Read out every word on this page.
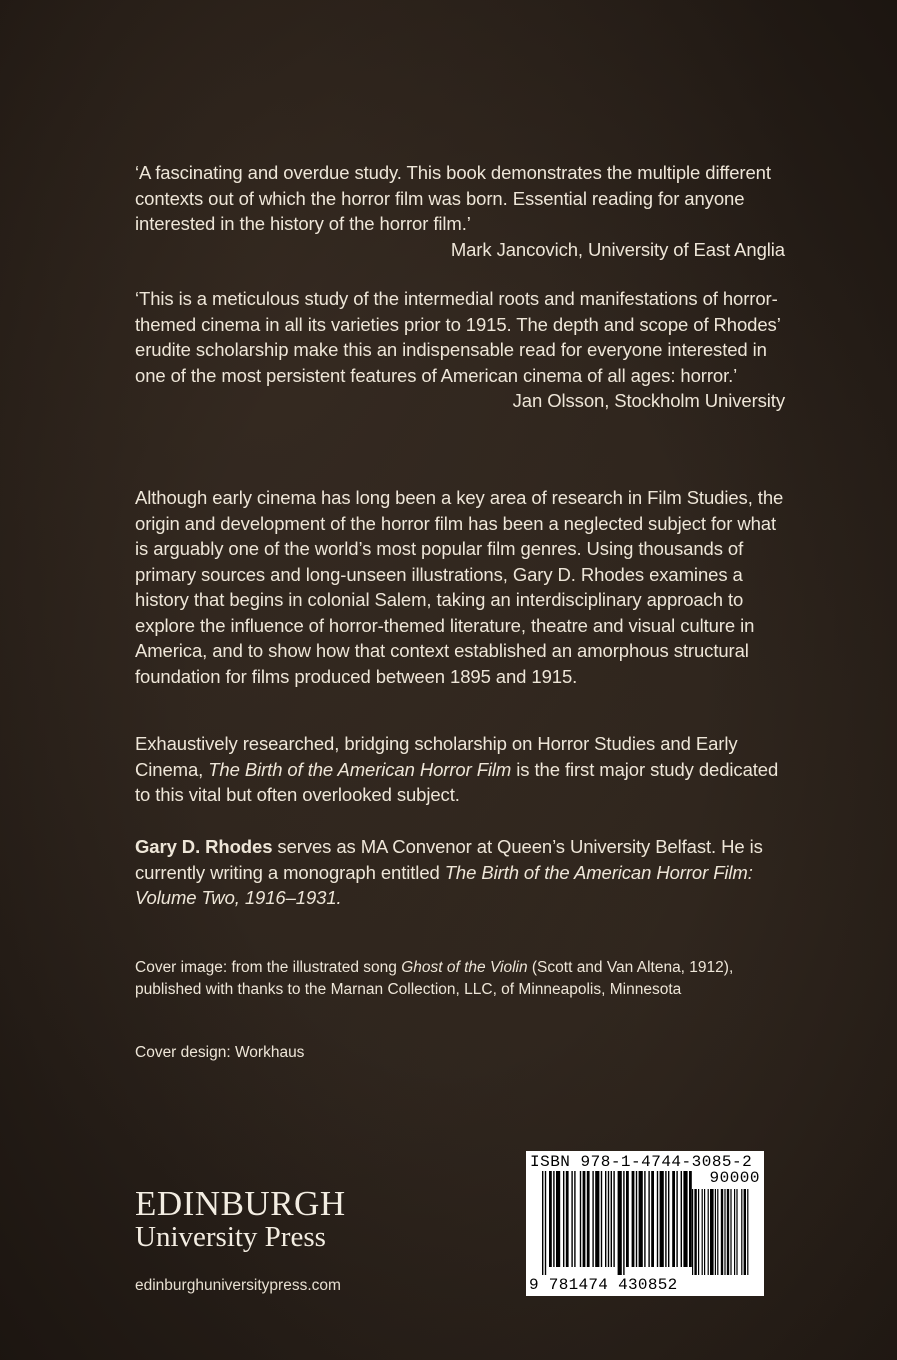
‘A fascinating and overdue study. This book demonstrates the multiple different contexts out of which the horror film was born. Essential reading for anyone interested in the history of the horror film.’

Mark Jancovich, University of East Anglia

‘This is a meticulous study of the intermedial roots and manifestations of horror-themed cinema in all its varieties prior to 1915. The depth and scope of Rhodes’ erudite scholarship make this an indispensable read for everyone interested in one of the most persistent features of American cinema of all ages: horror.’

Jan Olsson, Stockholm University

Although early cinema has long been a key area of research in Film Studies, the origin and development of the horror film has been a neglected subject for what is arguably one of the world’s most popular film genres. Using thousands of primary sources and long-unseen illustrations, Gary D. Rhodes examines a history that begins in colonial Salem, taking an interdisciplinary approach to explore the influence of horror-themed literature, theatre and visual culture in America, and to show how that context established an amorphous structural foundation for films produced between 1895 and 1915.

Exhaustively researched, bridging scholarship on Horror Studies and Early Cinema, The Birth of the American Horror Film is the first major study dedicated to this vital but often overlooked subject.

Gary D. Rhodes serves as MA Convenor at Queen’s University Belfast. He is currently writing a monograph entitled The Birth of the American Horror Film: Volume Two, 1916–1931.

Cover image: from the illustrated song Ghost of the Violin (Scott and Van Altena, 1912), published with thanks to the Marnan Collection, LLC, of Minneapolis, Minnesota

Cover design: Workhaus

EDINBURGH
University Press
edinburghuniversitypress.com
ISBN 978-1-4744-3085-2
90000
9 781474 430852
